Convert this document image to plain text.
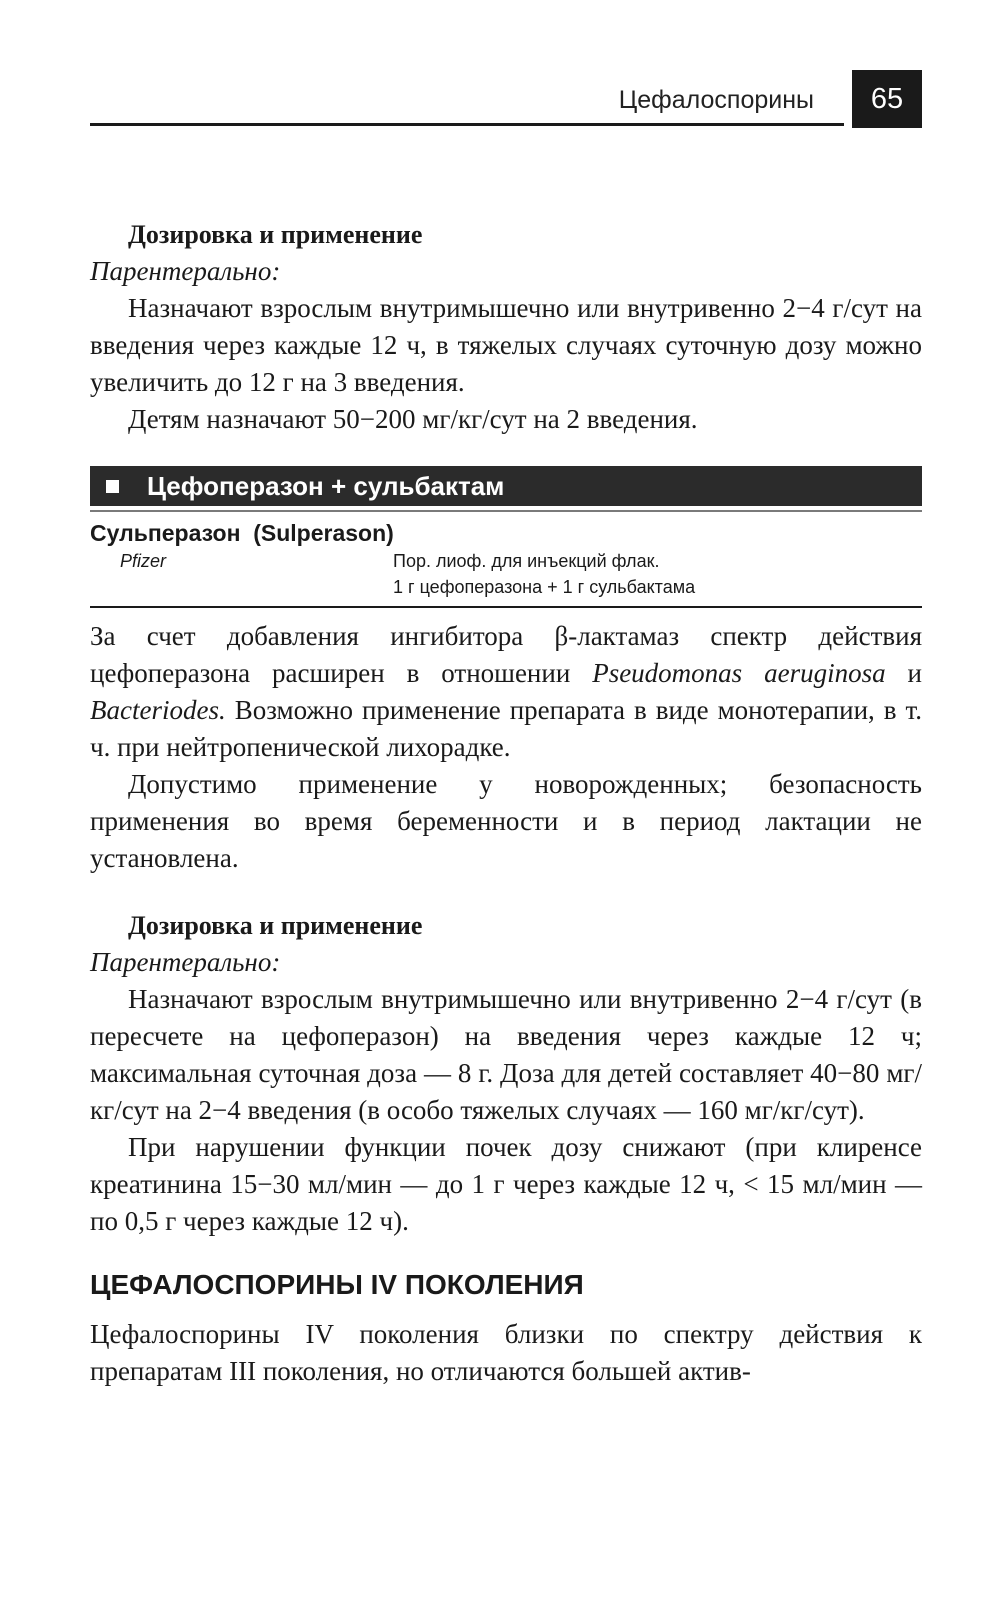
Цефалоспорины	65
Дозировка и применение
Парентерально:

Назначают взрослым внутримышечно или внутривенно 2−4 г/сут на введения через каждые 12 ч, в тяжелых случаях суточную дозу можно увеличить до 12 г на 3 введения.

Детям назначают 50−200 мг/кг/сут на 2 введения.

Цефоперазон + сульбактам
Сульперазон  (Sulperason)
Pfizer	Пор. лиоф. для инъекций флак.
1 г цефоперазона + 1 г сульбактама

За счет добавления ингибитора β-лактамаз спектр действия цефоперазона расширен в отношении Pseudomonas aeruginosa и Bacteriodes. Возможно применение препарата в виде монотерапии, в т. ч. при нейтропенической лихорадке.

Допустимо применение у новорожденных; безопасность применения во время беременности и в период лактации не установлена.

Дозировка и применение
Парентерально:

Назначают взрослым внутримышечно или внутривенно 2−4 г/сут (в пересчете на цефоперазон) на введения через каждые 12 ч; максимальная суточная доза — 8 г. Доза для детей составляет 40−80 мг/кг/сут на 2−4 введения (в особо тяжелых случаях — 160 мг/кг/сут).

При нарушении функции почек дозу снижают (при клиренсе креатинина 15−30 мл/мин — до 1 г через каждые 12 ч, < 15 мл/мин — по 0,5 г через каждые 12 ч).

ЦЕФАЛОСПОРИНЫ IV ПОКОЛЕНИЯ

Цефалоспорины IV поколения близки по спектру действия к препаратам III поколения, но отличаются большей актив-
